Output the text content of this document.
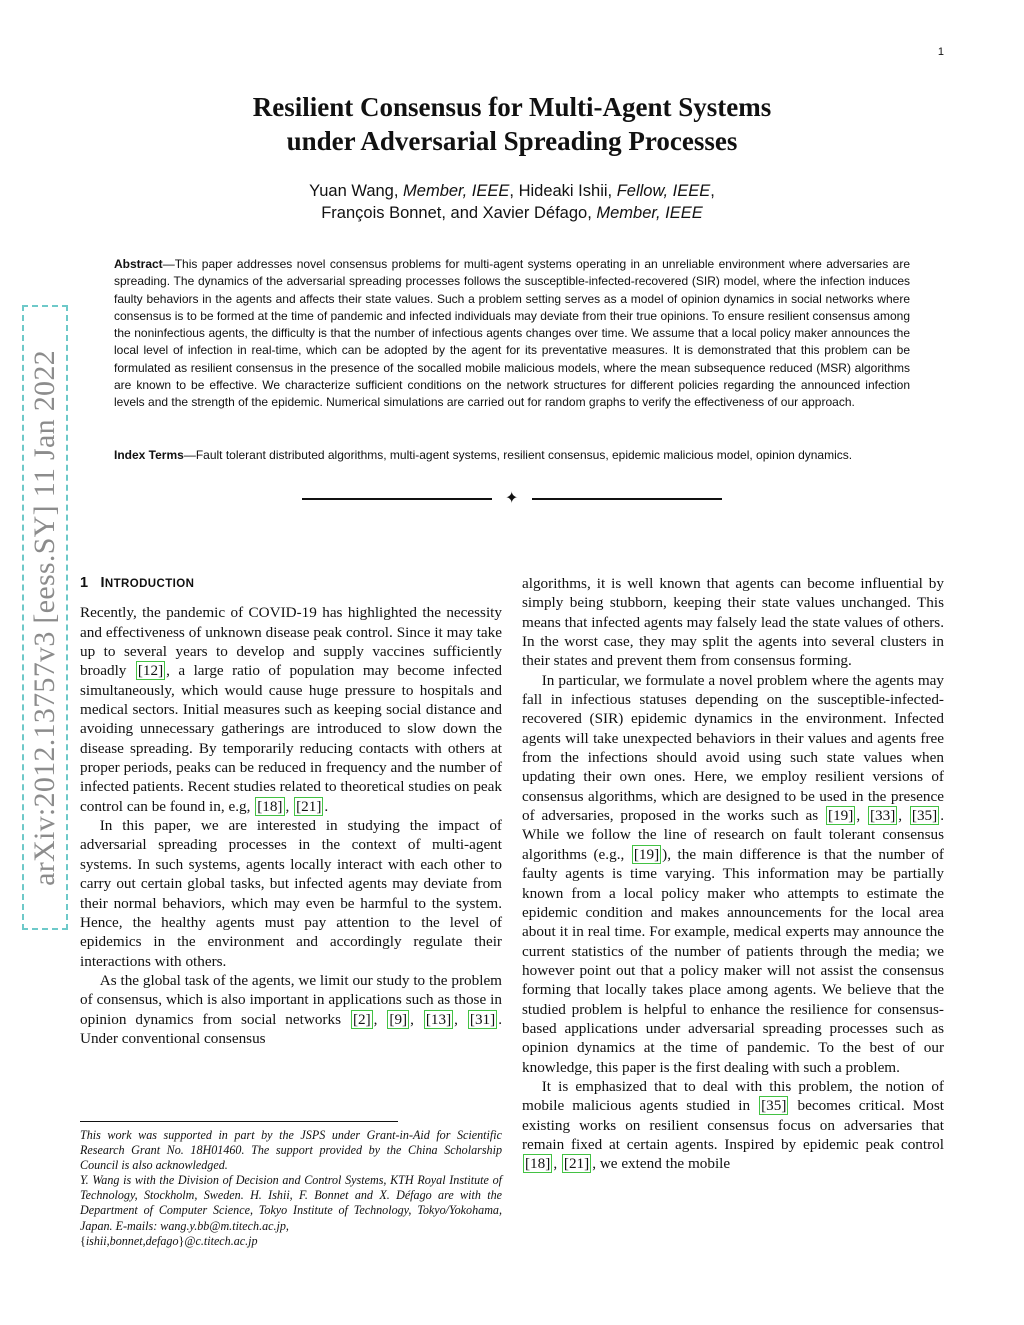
1
arXiv:2012.13757v3 [eess.SY] 11 Jan 2022
Resilient Consensus for Multi-Agent Systems
under Adversarial Spreading Processes
Yuan Wang, Member, IEEE, Hideaki Ishii, Fellow, IEEE,
François Bonnet, and Xavier Défago, Member, IEEE
Abstract—This paper addresses novel consensus problems for multi-agent systems operating in an unreliable environment where adversaries are spreading. The dynamics of the adversarial spreading processes follows the susceptible-infected-recovered (SIR) model, where the infection induces faulty behaviors in the agents and affects their state values. Such a problem setting serves as a model of opinion dynamics in social networks where consensus is to be formed at the time of pandemic and infected individuals may deviate from their true opinions. To ensure resilient consensus among the noninfectious agents, the difficulty is that the number of infectious agents changes over time. We assume that a local policy maker announces the local level of infection in real-time, which can be adopted by the agent for its preventative measures. It is demonstrated that this problem can be formulated as resilient consensus in the presence of the socalled mobile malicious models, where the mean subsequence reduced (MSR) algorithms are known to be effective. We characterize sufficient conditions on the network structures for different policies regarding the announced infection levels and the strength of the epidemic. Numerical simulations are carried out for random graphs to verify the effectiveness of our approach.
Index Terms—Fault tolerant distributed algorithms, multi-agent systems, resilient consensus, epidemic malicious model, opinion dynamics.
✦
1 INTRODUCTION

Recently, the pandemic of COVID-19 has highlighted the necessity and effectiveness of unknown disease peak control. Since it may take up to several years to develop and supply vaccines sufficiently broadly [12] , a large ratio of population may become infected simultaneously, which would cause huge pressure to hospitals and medical sectors. Initial measures such as keeping social distance and avoiding unnecessary gatherings are introduced to slow down the disease spreading. By temporarily reducing contacts with others at proper periods, peaks can be reduced in frequency and the number of infected patients. Recent studies related to theoretical studies on peak control can be found in, e.g, [18] , [21] .

In this paper, we are interested in studying the impact of adversarial spreading processes in the context of multi-agent systems. In such systems, agents locally interact with each other to carry out certain global tasks, but infected agents may deviate from their normal behaviors, which may even be harmful to the system. Hence, the healthy agents must pay attention to the level of epidemics in the environment and accordingly regulate their interactions with others.

As the global task of the agents, we limit our study to the problem of consensus, which is also important in applications such as those in opinion dynamics from social networks [2] , [9] , [13] , [31] . Under conventional consensus

This work was supported in part by the JSPS under Grant-in-Aid for Scientific Research Grant No. 18H01460. The support provided by the China Scholarship Council is also acknowledged.
Y. Wang is with the Division of Decision and Control Systems, KTH Royal Institute of Technology, Stockholm, Sweden. H. Ishii, F. Bonnet and X. Défago are with the Department of Computer Science, Tokyo Institute of Technology, Tokyo/Yokohama, Japan. E-mails: wang.y.bb@m.titech.ac.jp,
{ishii,bonnet,defago}@c.titech.ac.jp

algorithms, it is well known that agents can become influential by simply being stubborn, keeping their state values unchanged. This means that infected agents may falsely lead the state values of others. In the worst case, they may split the agents into several clusters in their states and prevent them from consensus forming.

In particular, we formulate a novel problem where the agents may fall in infectious statuses depending on the susceptible-infected-recovered (SIR) epidemic dynamics in the environment. Infected agents will take unexpected behaviors in their values and agents free from the infections should avoid using such state values when updating their own ones. Here, we employ resilient versions of consensus algorithms, which are designed to be used in the presence of adversaries, proposed in the works such as [19] , [33] , [35] . While we follow the line of research on fault tolerant consensus algorithms (e.g., [19] ), the main difference is that the number of faulty agents is time varying. This information may be partially known from a local policy maker who attempts to estimate the epidemic condition and makes announcements for the local area about it in real time. For example, medical experts may announce the current statistics of the number of patients through the media; we however point out that a policy maker will not assist the consensus forming that locally takes place among agents. We believe that the studied problem is helpful to enhance the resilience for consensus-based applications under adversarial spreading processes such as opinion dynamics at the time of pandemic. To the best of our knowledge, this paper is the first dealing with such a problem.

It is emphasized that to deal with this problem, the notion of mobile malicious agents studied in [35] becomes critical. Most existing works on resilient consensus focus on adversaries that remain fixed at certain agents. Inspired by epidemic peak control [18] , [21] , we extend the mobile
